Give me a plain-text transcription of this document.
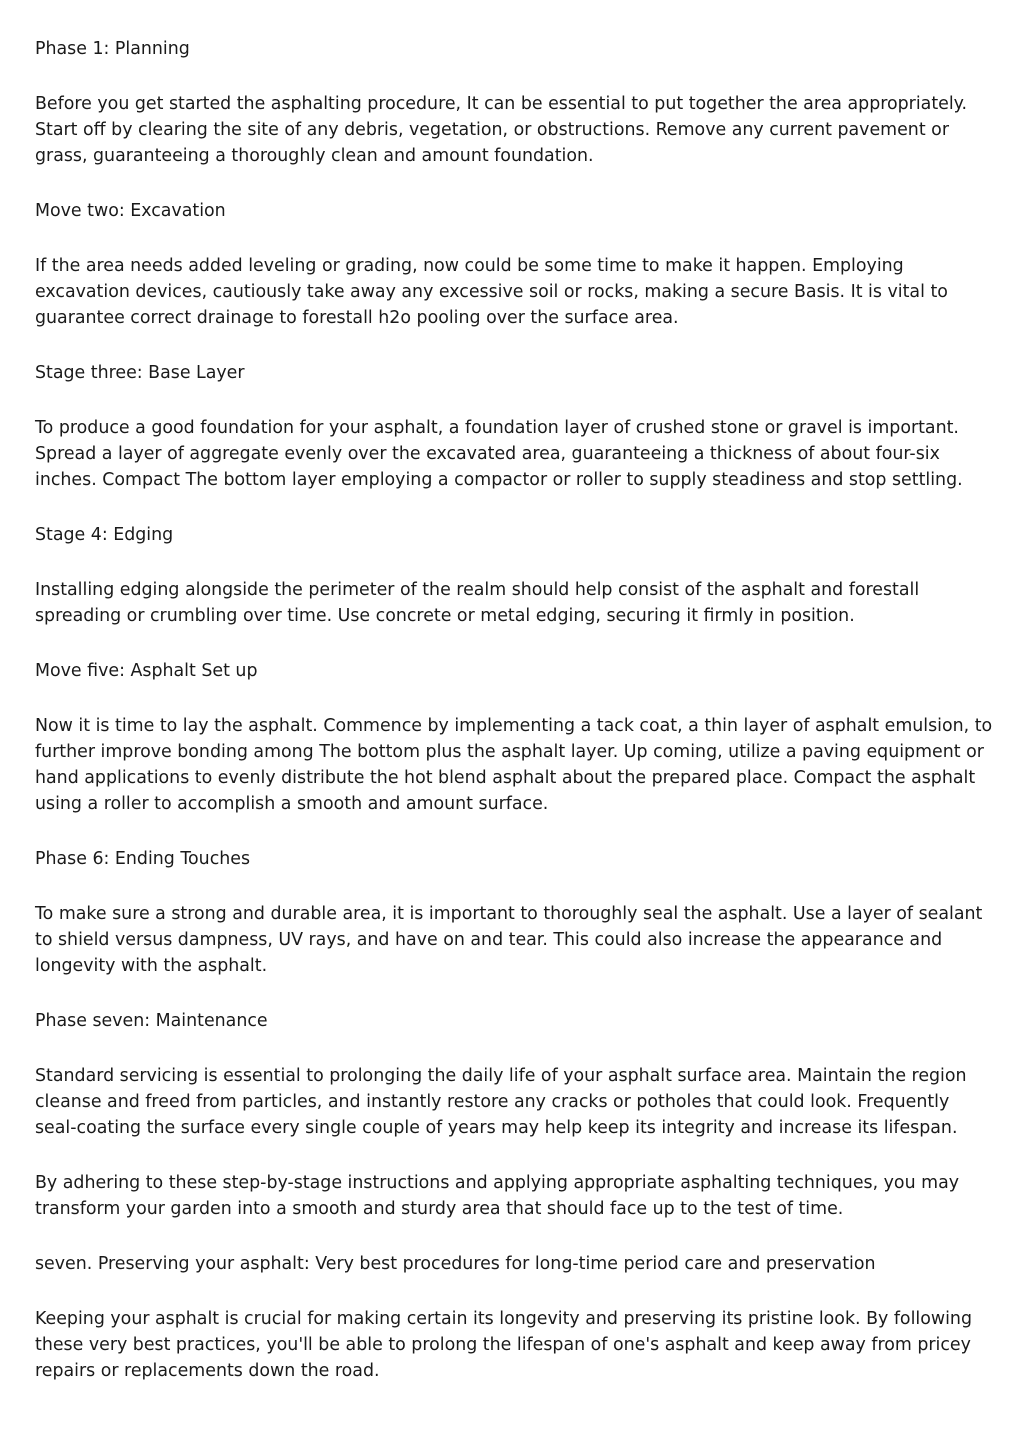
Phase 1: Planning

Before you get started the asphalting procedure, It can be essential to put together the area appropriately. Start off by clearing the site of any debris, vegetation, or obstructions. Remove any current pavement or grass, guaranteeing a thoroughly clean and amount foundation.

Move two: Excavation

If the area needs added leveling or grading, now could be some time to make it happen. Employing excavation devices, cautiously take away any excessive soil or rocks, making a secure Basis. It is vital to guarantee correct drainage to forestall h2o pooling over the surface area.

Stage three: Base Layer

To produce a good foundation for your asphalt, a foundation layer of crushed stone or gravel is important. Spread a layer of aggregate evenly over the excavated area, guaranteeing a thickness of about four-six inches. Compact The bottom layer employing a compactor or roller to supply steadiness and stop settling.

Stage 4: Edging

Installing edging alongside the perimeter of the realm should help consist of the asphalt and forestall spreading or crumbling over time. Use concrete or metal edging, securing it firmly in position.

Move five: Asphalt Set up

Now it is time to lay the asphalt. Commence by implementing a tack coat, a thin layer of asphalt emulsion, to further improve bonding among The bottom plus the asphalt layer. Up coming, utilize a paving equipment or hand applications to evenly distribute the hot blend asphalt about the prepared place. Compact the asphalt using a roller to accomplish a smooth and amount surface.

Phase 6: Ending Touches

To make sure a strong and durable area, it is important to thoroughly seal the asphalt. Use a layer of sealant to shield versus dampness, UV rays, and have on and tear. This could also increase the appearance and longevity with the asphalt.

Phase seven: Maintenance

Standard servicing is essential to prolonging the daily life of your asphalt surface area. Maintain the region cleanse and freed from particles, and instantly restore any cracks or potholes that could look. Frequently seal-coating the surface every single couple of years may help keep its integrity and increase its lifespan.

By adhering to these step-by-stage instructions and applying appropriate asphalting techniques, you may transform your garden into a smooth and sturdy area that should face up to the test of time.

seven. Preserving your asphalt: Very best procedures for long-time period care and preservation

Keeping your asphalt is crucial for making certain its longevity and preserving its pristine look. By following these very best practices, you'll be able to prolong the lifespan of one's asphalt and keep away from pricey repairs or replacements down the road.
